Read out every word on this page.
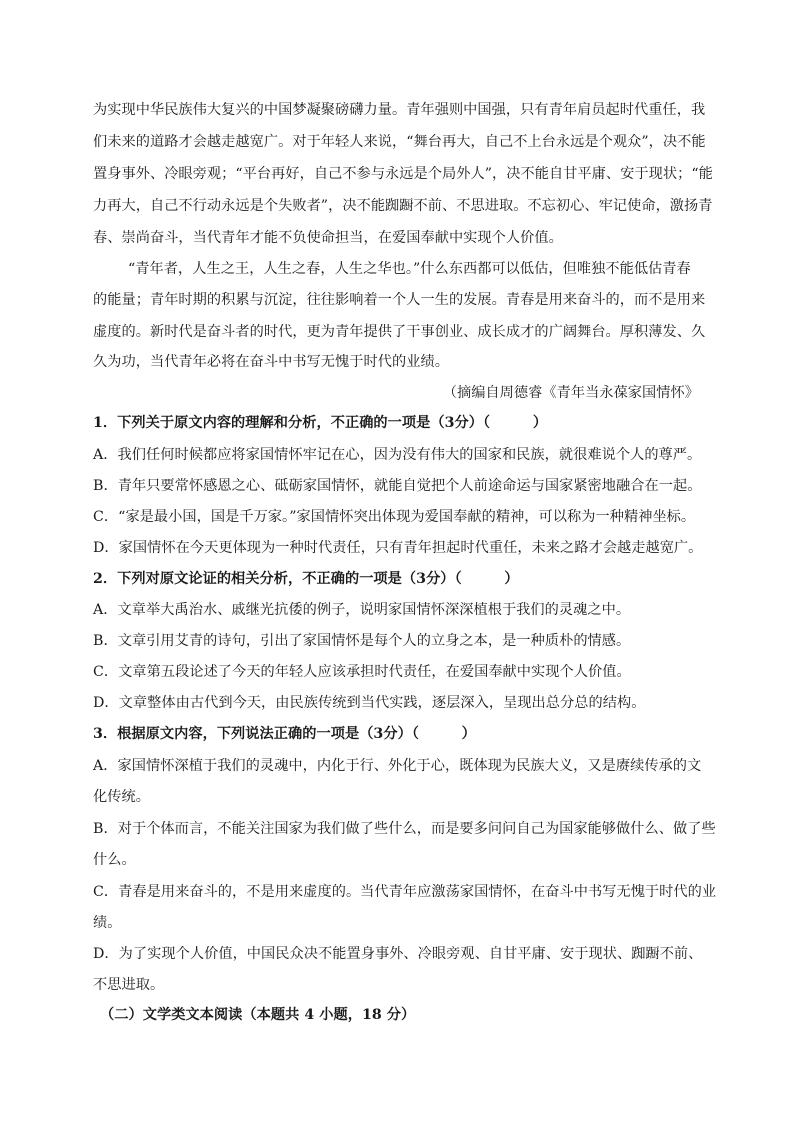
为实现中华民族伟大复兴的中国梦凝聚磅礴力量。青年强则中国强，只有青年肩员起时代重任，我
们未来的道路才会越走越宽广。对于年轻人来说，“舞台再大，自己不上台永远是个观众”，决不能
置身事外、冷眼旁观；“平台再好，自己不参与永远是个局外人”，决不能自甘平庸、安于现状；“能
力再大，自己不行动永远是个失败者”，决不能踟蹰不前、不思进取。不忘初心、牢记使命，激扬青
春、崇尚奋斗，当代青年才能不负使命担当，在爱国奉献中实现个人价值。
“青年者，人生之王，人生之春，人生之华也。”什么东西都可以低估，但唯独不能低估青春
的能量；青年时期的积累与沉淀，往往影响着一个人一生的发展。青春是用来奋斗的，而不是用来
虚度的。新时代是奋斗者的时代，更为青年提供了干事创业、成长成才的广阔舞台。厚积薄发、久
久为功，当代青年必将在奋斗中书写无愧于时代的业绩。
（摘编自周德睿《青年当永葆家国情怀》
1．下列关于原文内容的理解和分析，不正确的一项是（3分）（　　　）
A．我们任何时候都应将家国情怀牢记在心，因为没有伟大的国家和民族，就很难说个人的尊严。
B．青年只要常怀感恩之心、砥砺家国情怀，就能自觉把个人前途命运与国家紧密地融合在一起。
C．“家是最小国，国是千万家。”家国情怀突出体现为爱国奉献的精神，可以称为一种精神坐标。
D．家国情怀在今天更体现为一种时代责任，只有青年担起时代重任，未来之路才会越走越宽广。
2．下列对原文论证的相关分析，不正确的一项是（3分）（　　　）
A．文章举大禹治水、戚继光抗倭的例子，说明家国情怀深深植根于我们的灵魂之中。
B．文章引用艾青的诗句，引出了家国情怀是每个人的立身之本，是一种质朴的情感。
C．文章第五段论述了今天的年轻人应该承担时代责任，在爱国奉献中实现个人价值。
D．文章整体由古代到今天，由民族传统到当代实践，逐层深入，呈现出总分总的结构。
3．根据原文内容，下列说法正确的一项是（3分）（　　　）
A．家国情怀深植于我们的灵魂中，内化于行、外化于心，既体现为民族大义，又是赓续传承的文
化传统。
B．对于个体而言，不能关注国家为我们做了些什么，而是要多问问自己为国家能够做什么、做了些
什么。
C．青春是用来奋斗的，不是用来虚度的。当代青年应激荡家国情怀，在奋斗中书写无愧于时代的业
绩。
D．为了实现个人价值，中国民众决不能置身事外、冷眼旁观、自甘平庸、安于现状、踟蹰不前、
不思进取。
（二）文学类文本阅读（本题共 4 小题，18 分）
